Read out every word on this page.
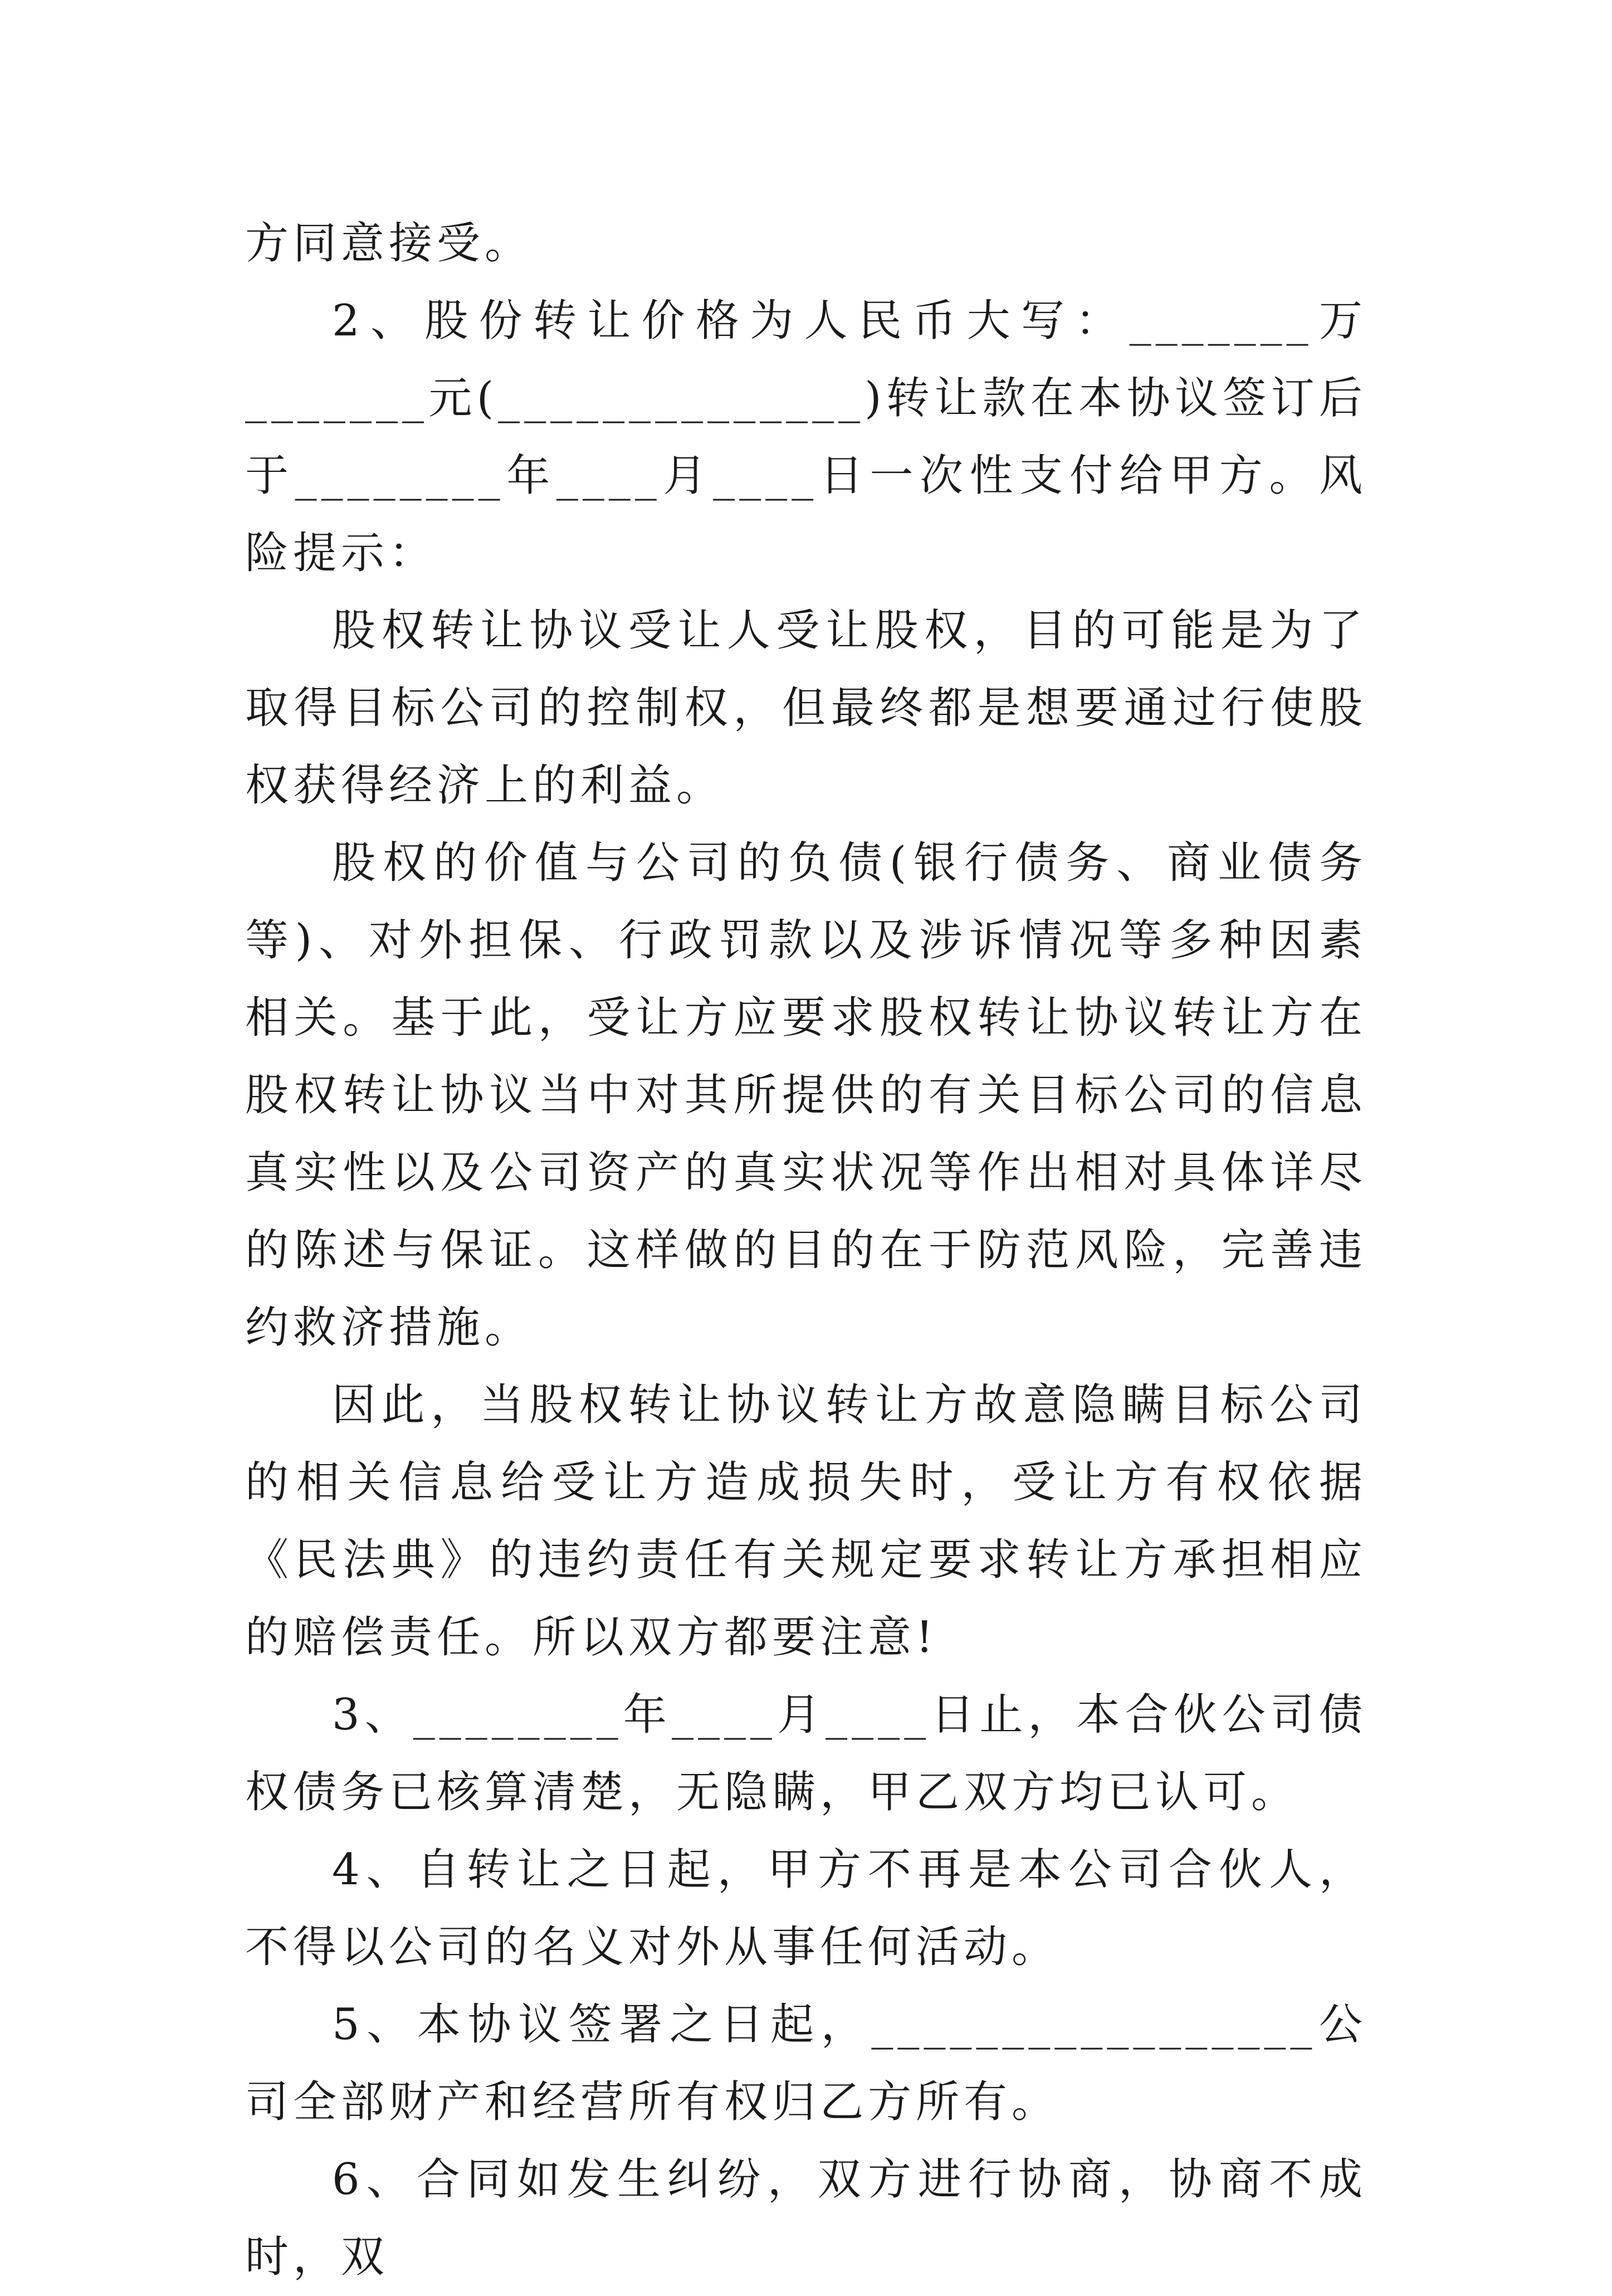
方同意接受。

2、股份转让价格为人民币大写：_______万_______元(______________)转让款在本协议签订后于________年____月____日一次性支付给甲方。风险提示：

股权转让协议受让人受让股权，目的可能是为了取得目标公司的控制权，但最终都是想要通过行使股权获得经济上的利益。

股权的价值与公司的负债(银行债务、商业债务等)、对外担保、行政罚款以及涉诉情况等多种因素相关。基于此，受让方应要求股权转让协议转让方在股权转让协议当中对其所提供的有关目标公司的信息真实性以及公司资产的真实状况等作出相对具体详尽的陈述与保证。这样做的目的在于防范风险，完善违约救济措施。

因此，当股权转让协议转让方故意隐瞒目标公司的相关信息给受让方造成损失时，受让方有权依据《民法典》的违约责任有关规定要求转让方承担相应的赔偿责任。所以双方都要注意!

3、________年____月____日止，本合伙公司债权债务已核算清楚，无隐瞒，甲乙双方均已认可。

4、自转让之日起，甲方不再是本公司合伙人，不得以公司的名义对外从事任何活动。

5、本协议签署之日起，_________________公司全部财产和经营所有权归乙方所有。

6、合同如发生纠纷，双方进行协商，协商不成时，双
